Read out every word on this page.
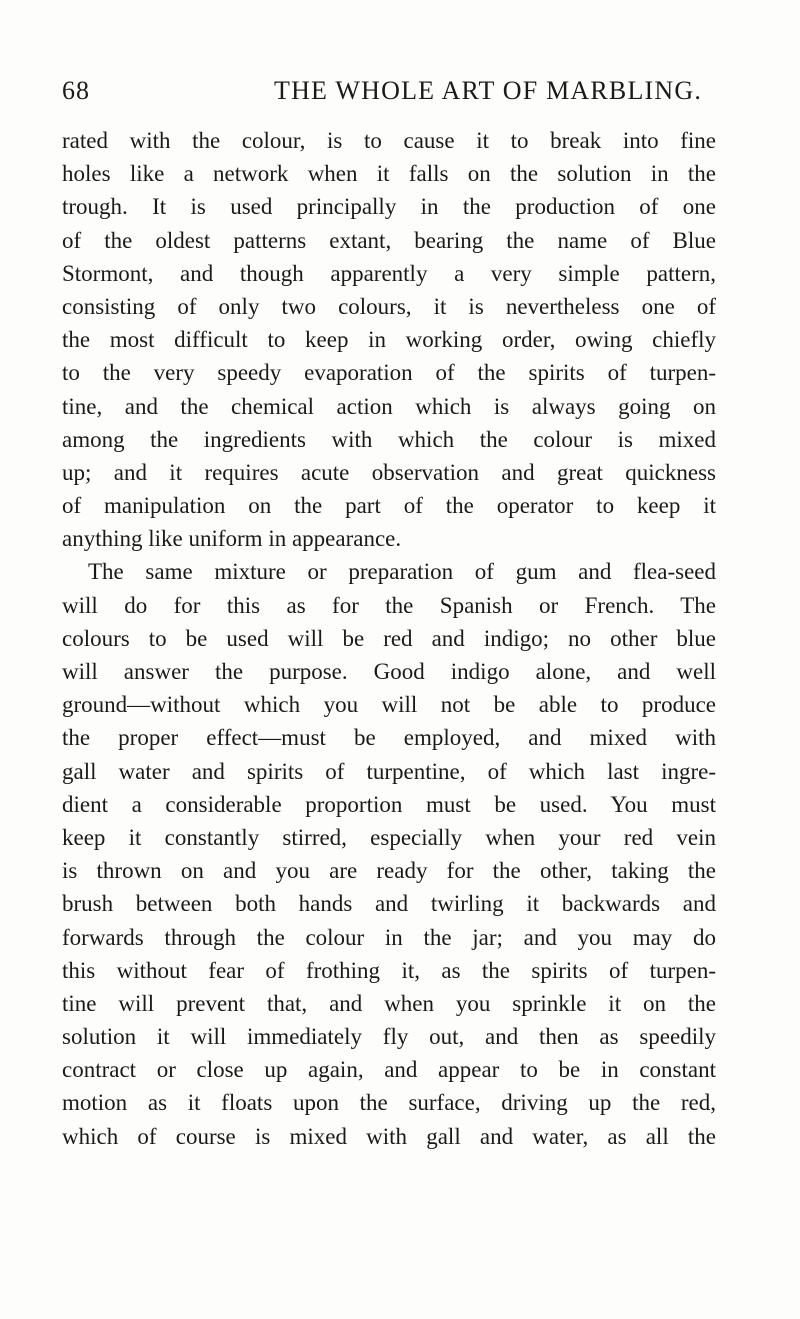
68	THE WHOLE ART OF MARBLING.
rated with the colour, is to cause it to break into fine
holes like a network when it falls on the solution in the
trough. It is used principally in the production of one
of the oldest patterns extant, bearing the name of Blue
Stormont, and though apparently a very simple pattern,
consisting of only two colours, it is nevertheless one of
the most difficult to keep in working order, owing chiefly
to the very speedy evaporation of the spirits of turpen-
tine, and the chemical action which is always going on
among the ingredients with which the colour is mixed
up; and it requires acute observation and great quickness
of manipulation on the part of the operator to keep it
anything like uniform in appearance.
The same mixture or preparation of gum and flea-seed
will do for this as for the Spanish or French. The
colours to be used will be red and indigo; no other blue
will answer the purpose. Good indigo alone, and well
ground—without which you will not be able to produce
the proper effect—must be employed, and mixed with
gall water and spirits of turpentine, of which last ingre-
dient a considerable proportion must be used. You must
keep it constantly stirred, especially when your red vein
is thrown on and you are ready for the other, taking the
brush between both hands and twirling it backwards and
forwards through the colour in the jar; and you may do
this without fear of frothing it, as the spirits of turpen-
tine will prevent that, and when you sprinkle it on the
solution it will immediately fly out, and then as speedily
contract or close up again, and appear to be in constant
motion as it floats upon the surface, driving up the red,
which of course is mixed with gall and water, as all the
